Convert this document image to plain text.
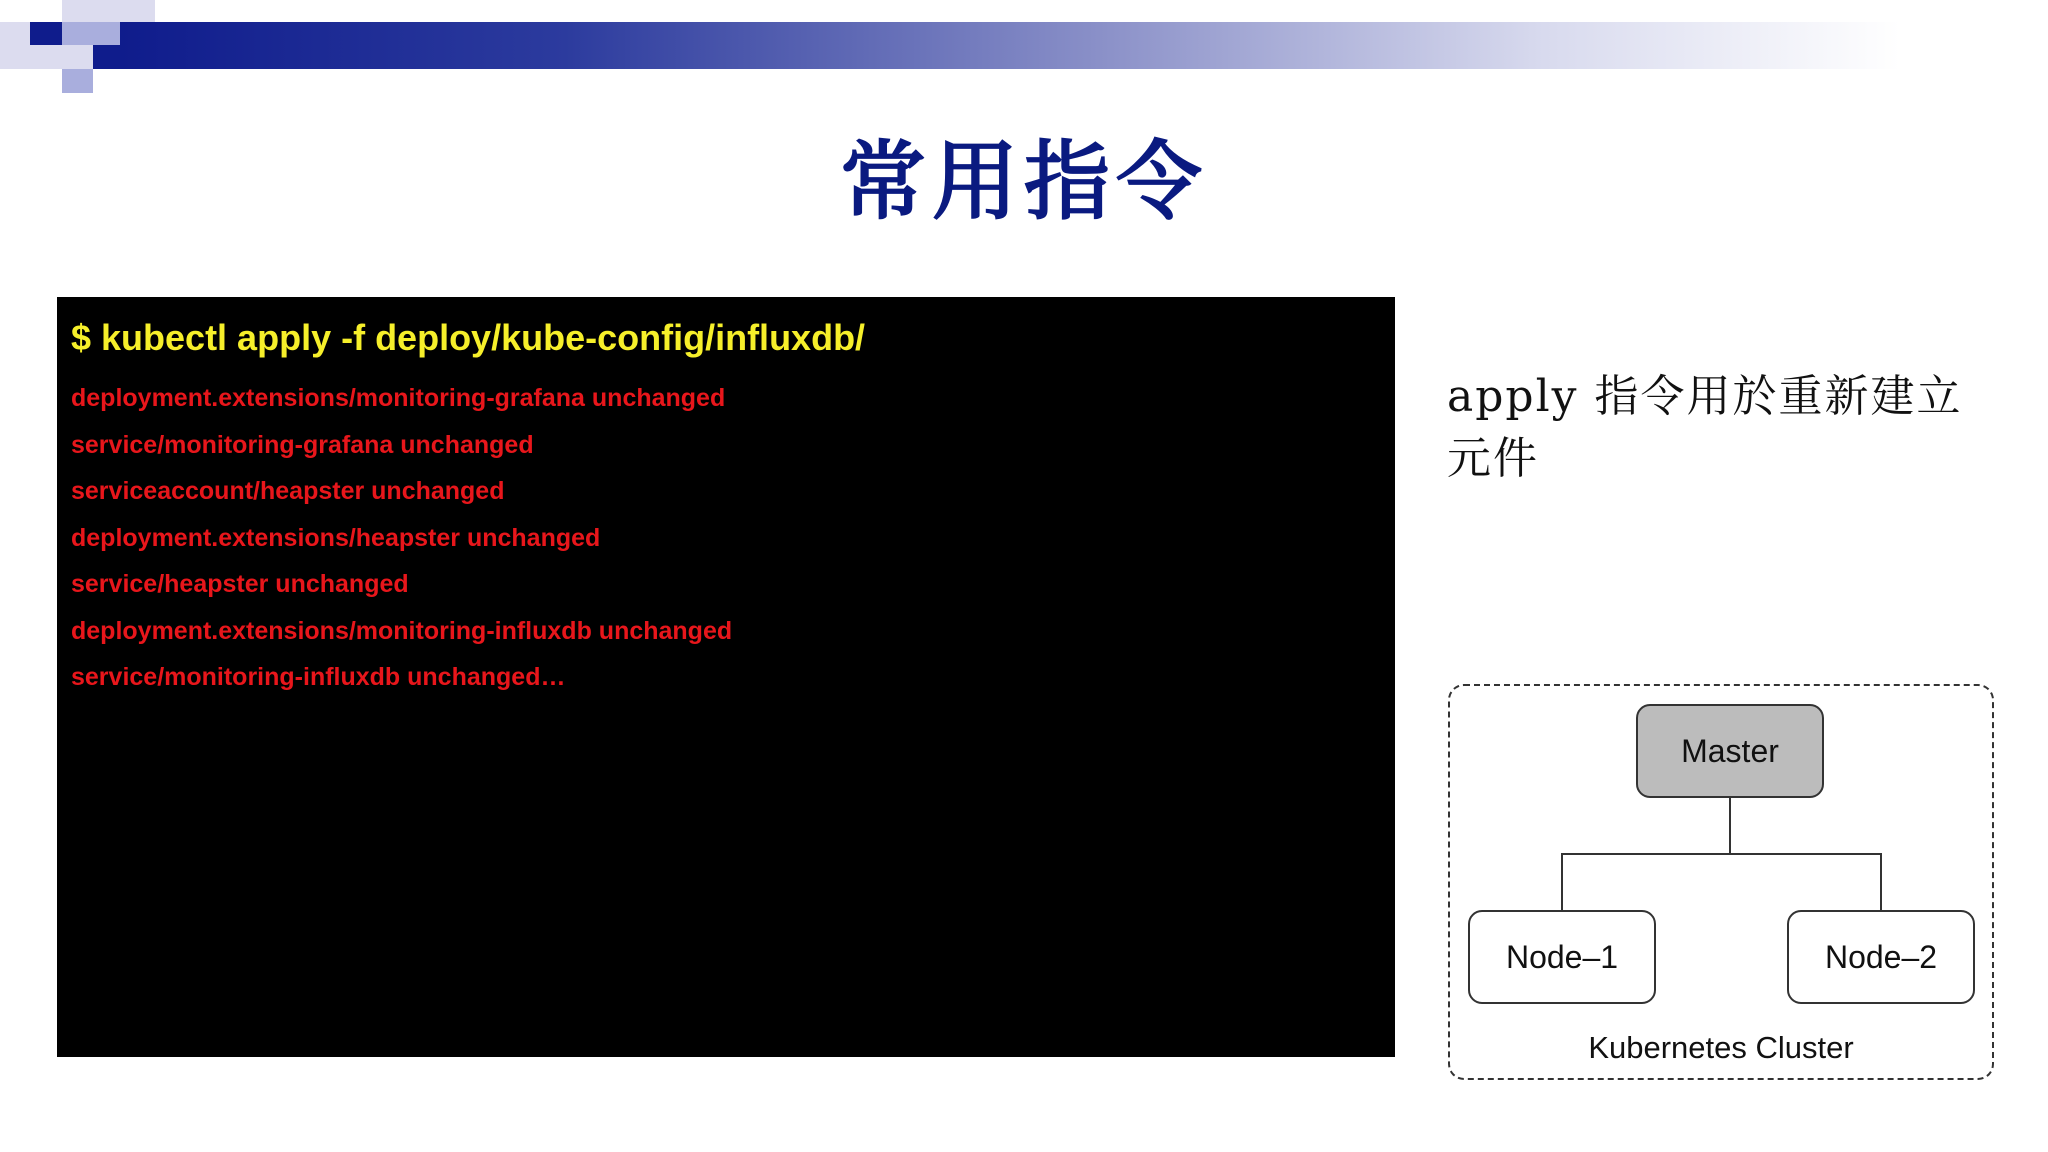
常用指令
$ kubectl apply -f deploy/kube-config/influxdb/
deployment.extensions/monitoring-grafana unchanged
service/monitoring-grafana unchanged
serviceaccount/heapster unchanged
deployment.extensions/heapster unchanged
service/heapster unchanged
deployment.extensions/monitoring-influxdb unchanged
service/monitoring-influxdb unchanged…
apply 指令用於重新建立元件
Master
Node–1	Node–2
Kubernetes Cluster
